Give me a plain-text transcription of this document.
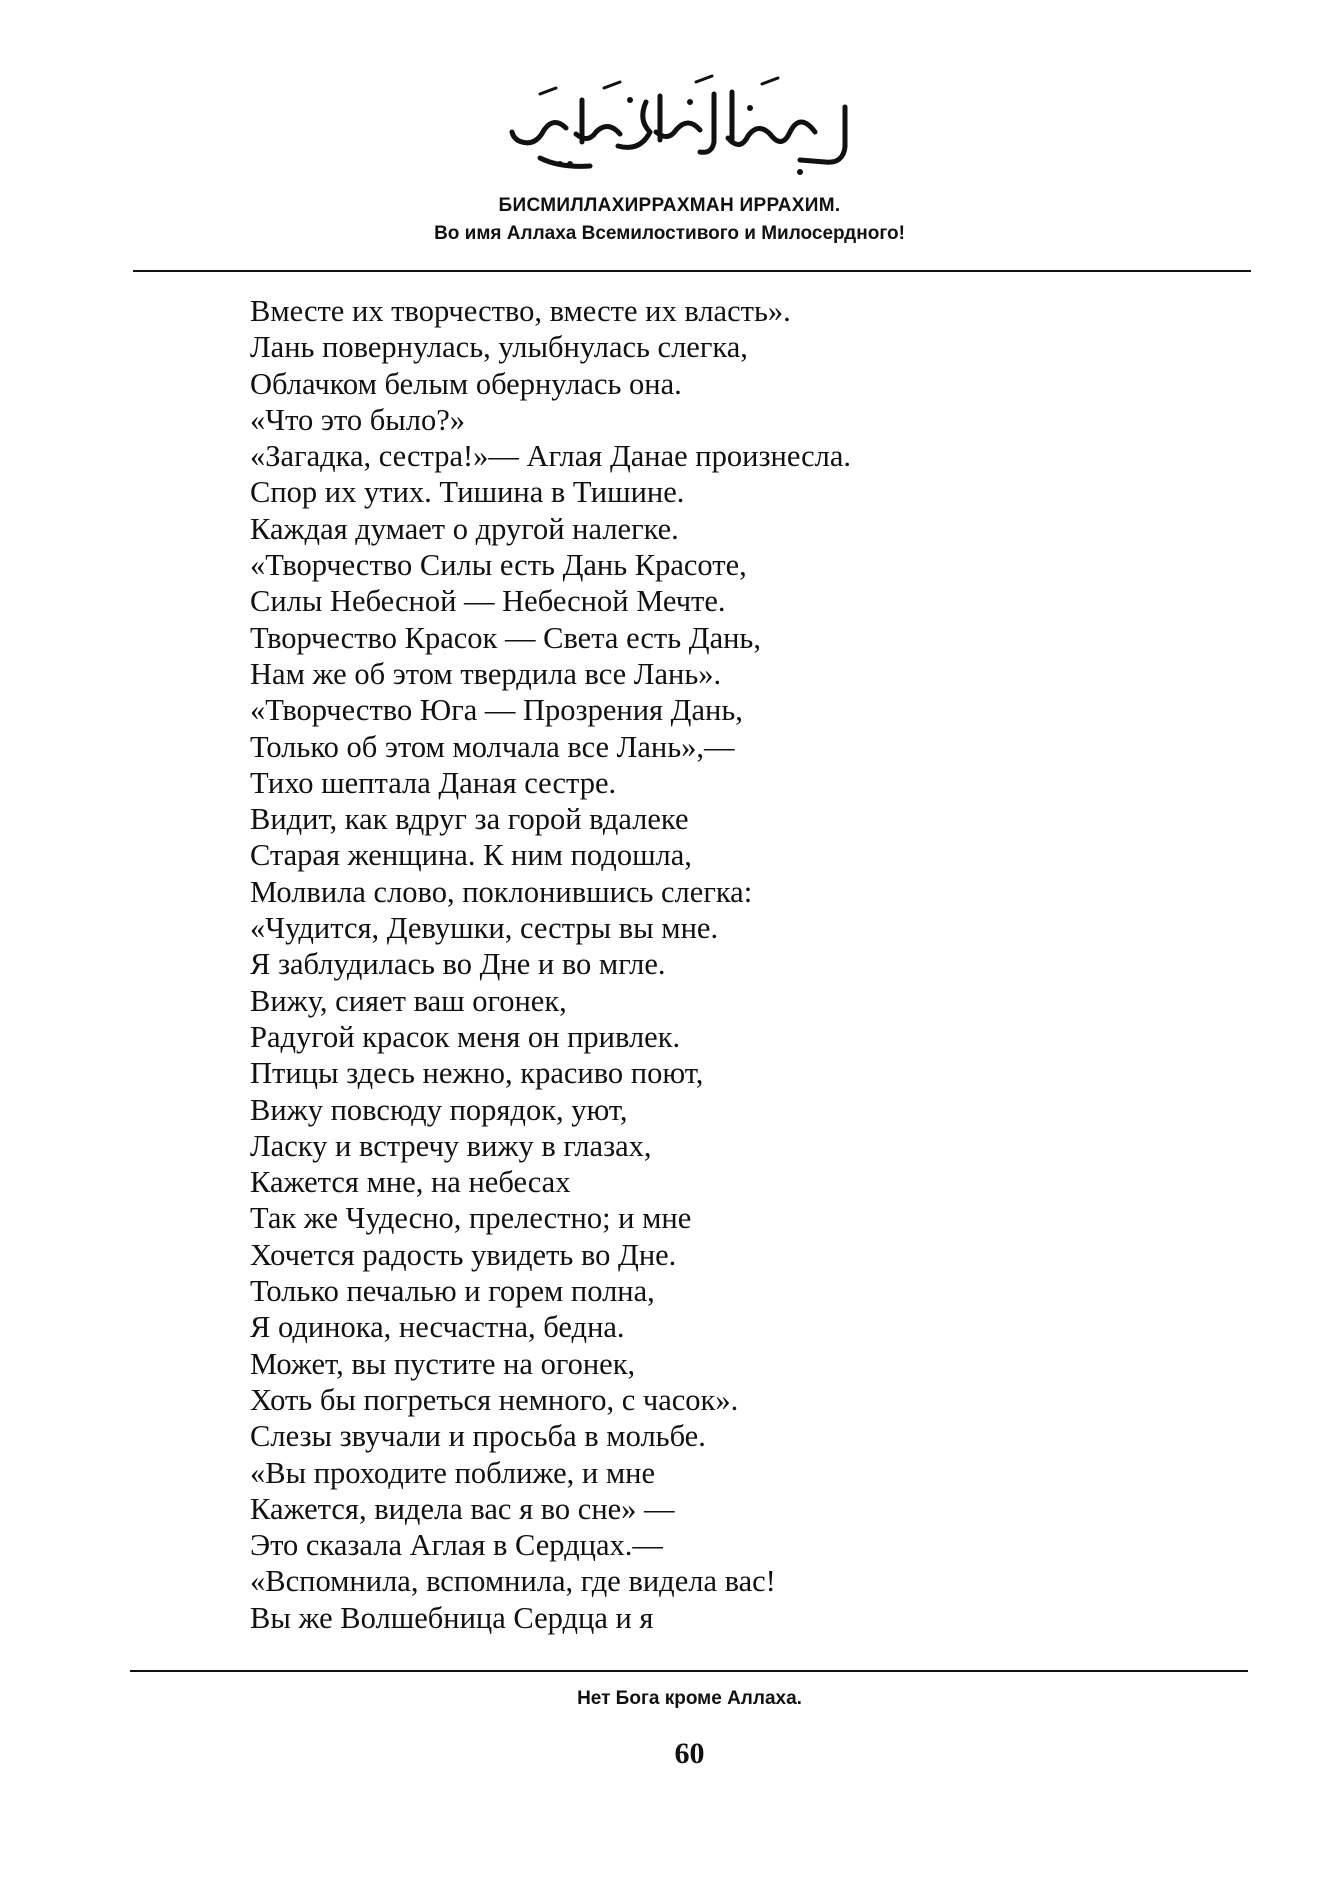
БИСМИЛЛАХИРРАХМАН ИРРАХИМ.
Во имя Аллаха Всемилостивого и Милосердного!
Вместе их творчество, вместе их власть».
Лань повернулась, улыбнулась слегка,
Облачком белым обернулась она.
«Что это было?»
«Загадка, сестра!»— Аглая Данае произнесла.
Спор их утих. Тишина в Тишине.
Каждая думает о другой налегке.
«Творчество Силы есть Дань Красоте,
Силы Небесной — Небесной Мечте.
Творчество Красок — Света есть Дань,
Нам же об этом твердила все Лань».
«Творчество Юга — Прозрения Дань,
Только об этом молчала все Лань»,—
Тихо шептала Даная сестре.
Видит, как вдруг за горой вдалеке
Старая женщина. К ним подошла,
Молвила слово, поклонившись слегка:
«Чудится, Девушки, сестры вы мне.
Я заблудилась во Дне и во мгле.
Вижу, сияет ваш огонек,
Радугой красок меня он привлек.
Птицы здесь нежно, красиво поют,
Вижу повсюду порядок, уют,
Ласку и встречу вижу в глазах,
Кажется мне, на небесах
Так же Чудесно, прелестно; и мне
Хочется радость увидеть во Дне.
Только печалью и горем полна,
Я одинока, несчастна, бедна.
Может, вы пустите на огонек,
Хоть бы погреться немного, с часок».
Слезы звучали и просьба в мольбе.
«Вы проходите поближе, и мне
Кажется, видела вас я во сне» —
Это сказала Аглая в Сердцах.—
«Вспомнила, вспомнила, где видела вас!
Вы же Волшебница Сердца и я
Нет Бога кроме Аллаха.
60
